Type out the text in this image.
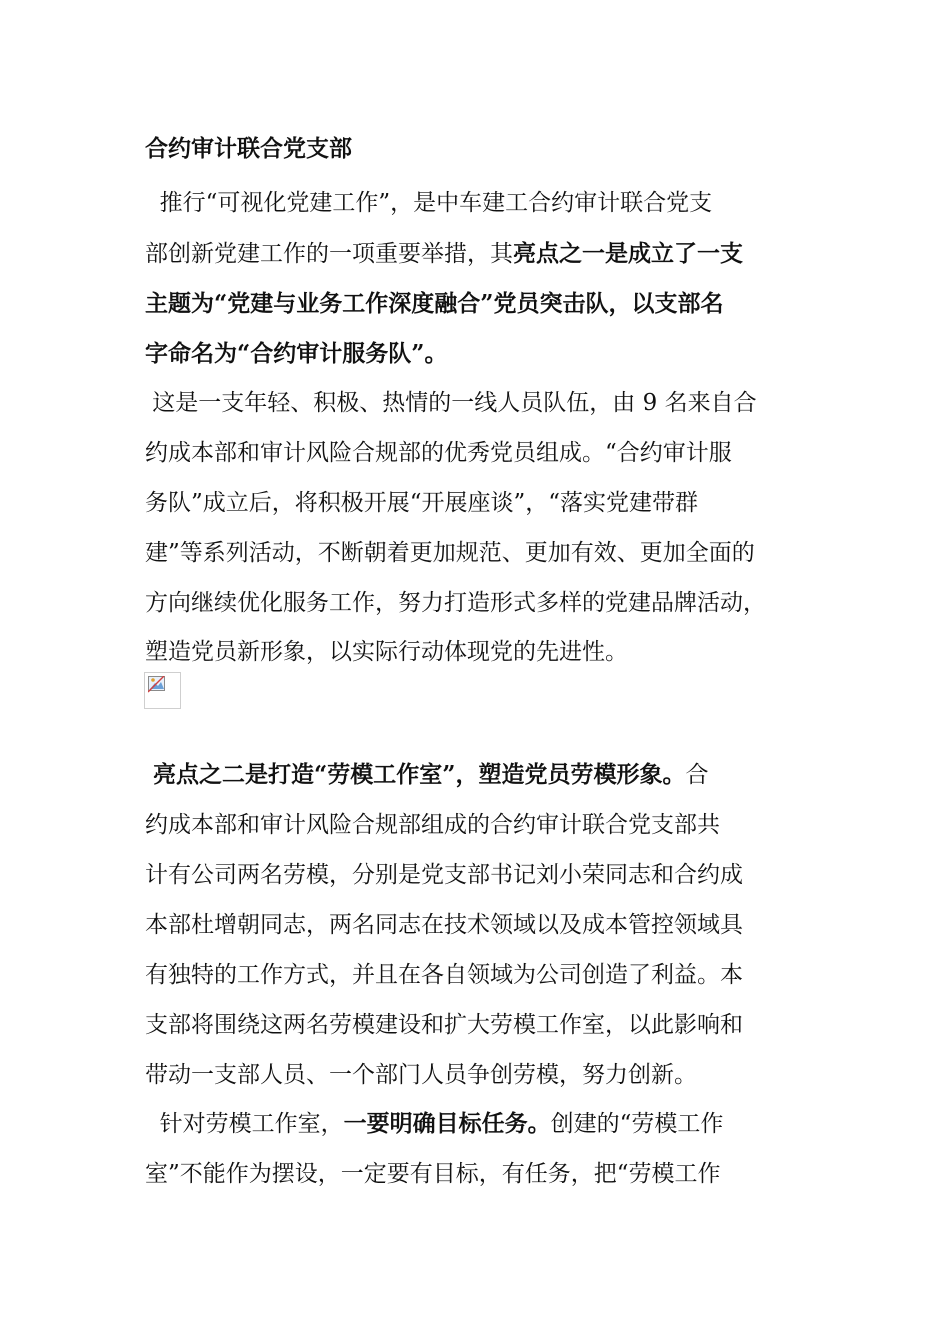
合约审计联合党支部
推行“可视化党建工作”，是中车建工合约审计联合党支
部创新党建工作的一项重要举措，其亮点之一是成立了一支
主题为“党建与业务工作深度融合”党员突击队，以支部名
字命名为“合约审计服务队”。
这是一支年轻、积极、热情的一线人员队伍，由 9 名来自合
约成本部和审计风险合规部的优秀党员组成。“合约审计服
务队”成立后，将积极开展“开展座谈”，“落实党建带群
建”等系列活动，不断朝着更加规范、更加有效、更加全面的
方向继续优化服务工作，努力打造形式多样的党建品牌活动，
塑造党员新形象，以实际行动体现党的先进性。
亮点之二是打造“劳模工作室”，塑造党员劳模形象。合
约成本部和审计风险合规部组成的合约审计联合党支部共
计有公司两名劳模，分别是党支部书记刘小荣同志和合约成
本部杜增朝同志，两名同志在技术领域以及成本管控领域具
有独特的工作方式，并且在各自领域为公司创造了利益。本
支部将围绕这两名劳模建设和扩大劳模工作室，以此影响和
带动一支部人员、一个部门人员争创劳模，努力创新。
针对劳模工作室，一要明确目标任务。创建的“劳模工作
室”不能作为摆设，一定要有目标，有任务，把“劳模工作
